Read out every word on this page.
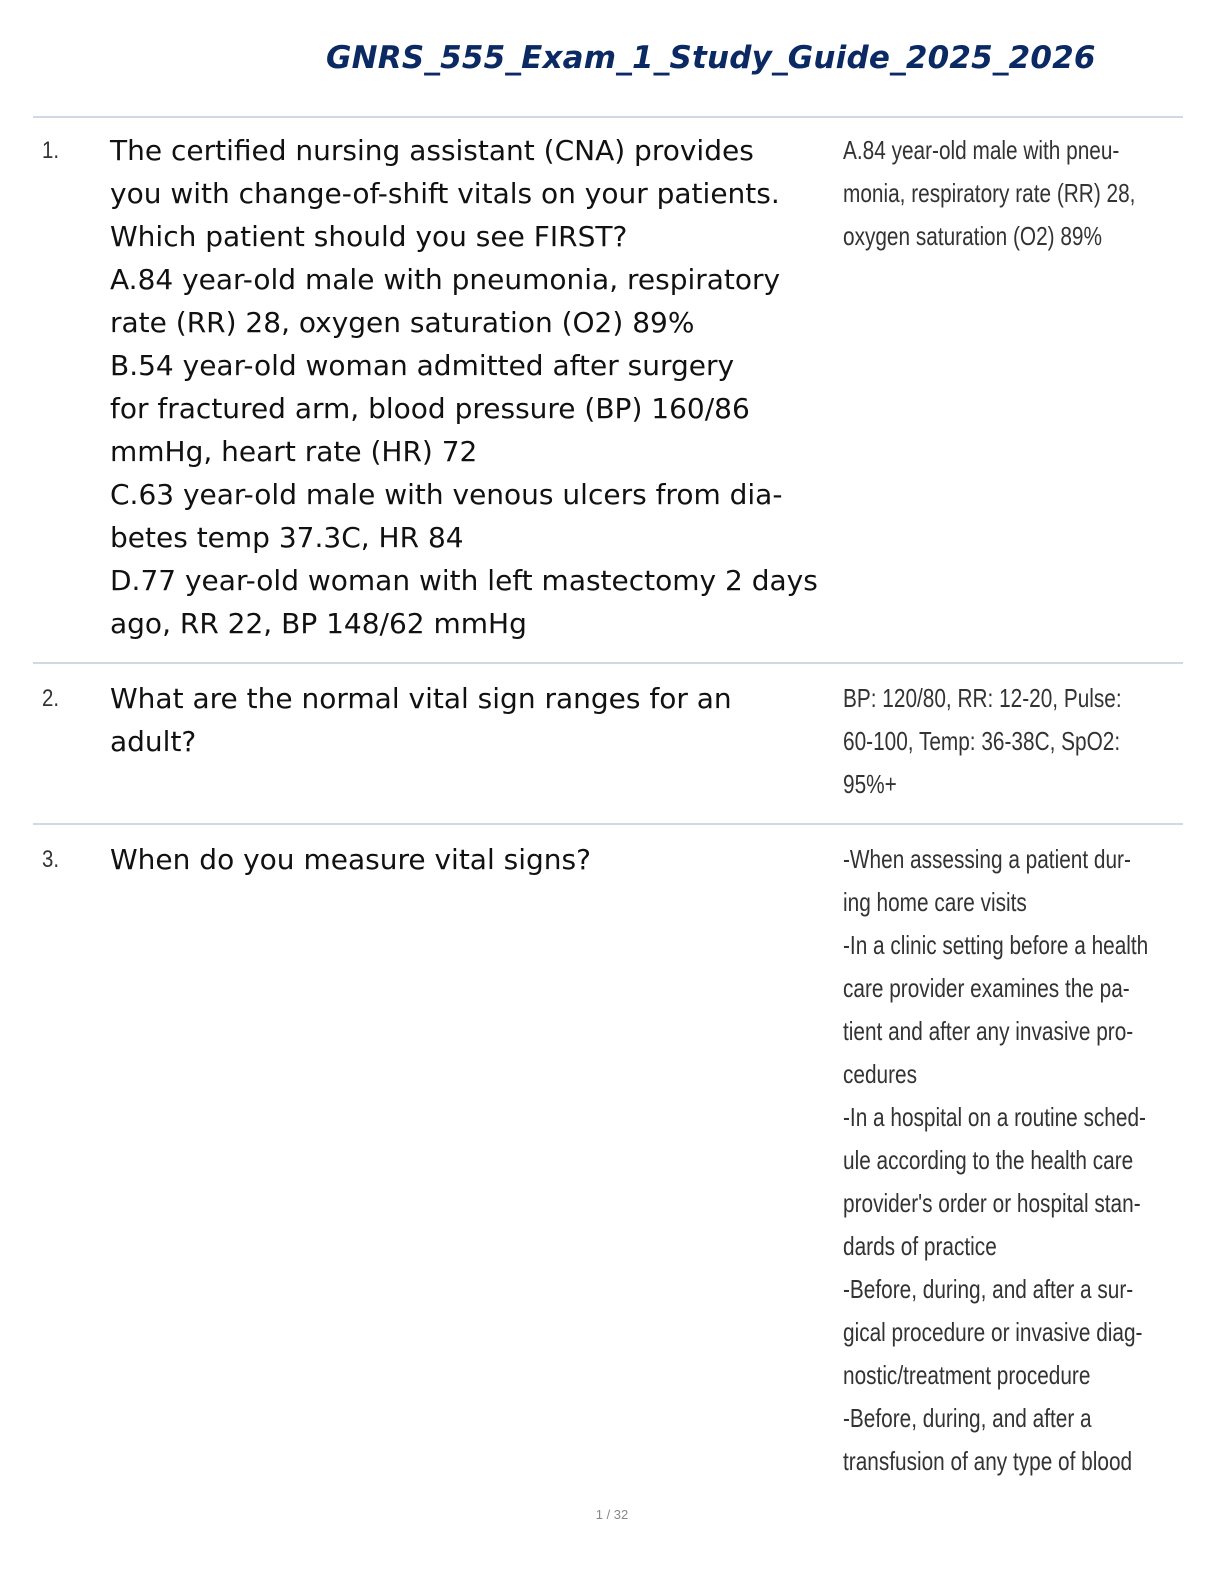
GNRS_555_Exam_1_Study_Guide_2025_2026
1. The certified nursing assistant (CNA) provides
you with change-of-shift vitals on your patients.
Which patient should you see FIRST?
A.84 year-old male with pneumonia, respiratory
rate (RR) 28, oxygen saturation (O2) 89%
B.54 year-old woman admitted after surgery
for fractured arm, blood pressure (BP) 160/86
mmHg, heart rate (HR) 72
C.63 year-old male with venous ulcers from dia-
betes temp 37.3C, HR 84
D.77 year-old woman with left mastectomy 2 days
ago, RR 22, BP 148/62 mmHg
A.84 year-old male with pneu-
monia, respiratory rate (RR) 28,
oxygen saturation (O2) 89%
2. What are the normal vital sign ranges for an
adult?
BP: 120/80, RR: 12-20, Pulse:
60-100, Temp: 36-38C, SpO2:
95%+
3. When do you measure vital signs?	-When assessing a patient dur-
ing home care visits
-In a clinic setting before a health
care provider examines the pa-
tient and after any invasive pro-
cedures
-In a hospital on a routine sched-
ule according to the health care
provider's order or hospital stan-
dards of practice
-Before, during, and after a sur-
gical procedure or invasive diag-
nostic/treatment procedure
-Before, during, and after a
transfusion of any type of blood
1 / 32
